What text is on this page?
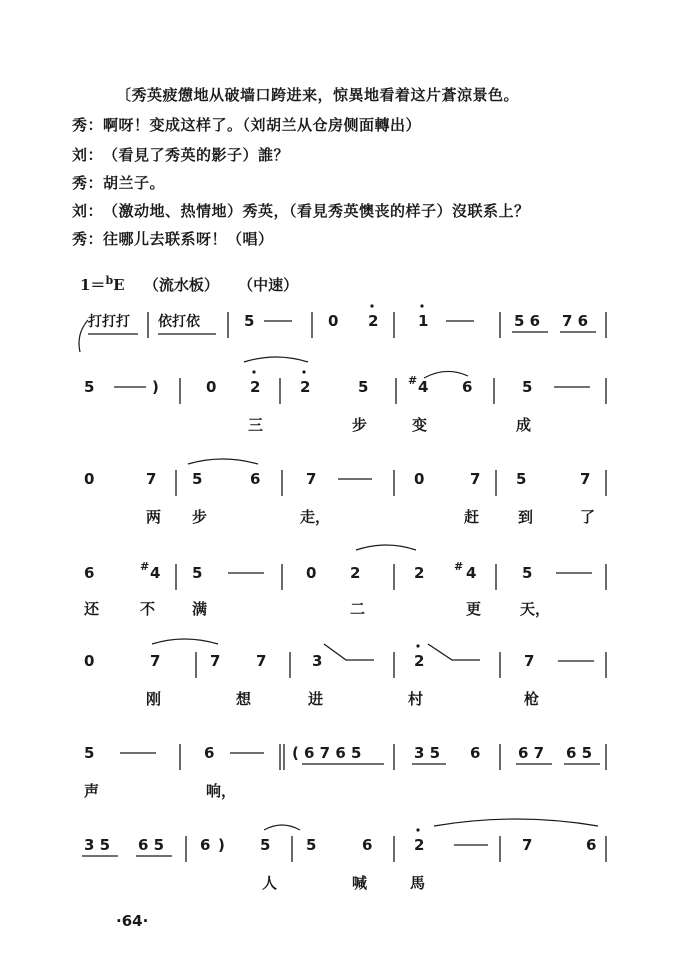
〔秀英疲憊地从破墙口跨进来，惊異地看着这片蒼涼景色。
秀：啊呀！变成这样了。（刘胡兰从仓房侧面轉出）
刘：（看見了秀英的影子）誰？
秀：胡兰子。
刘：（激动地、热情地）秀英，（看見秀英懊丧的样子）沒联系上？
秀：往哪儿去联系呀！（唱）
1＝$^b$E （流水板） （中速）
打打打 依打依	5	0 2	1	5 6 7 6
5	)	0 2	2	5	# 4 6	5
三	步	变	成
0	7 5	6	7	0	7 5	7
两 步	走，	赶	到	了
6	# 4 5	0 2	2	# 4	5
还	不 满	二	更	天，
0	7	7 7	3	2	7
刚	想	进	村	枪
5	6	( 6 7 6 5	3 5 6	6 7 6 5
声	响，
3 5 6 5 6 ) 5 5	6	2	7	6
人	喊	馬
·64·
